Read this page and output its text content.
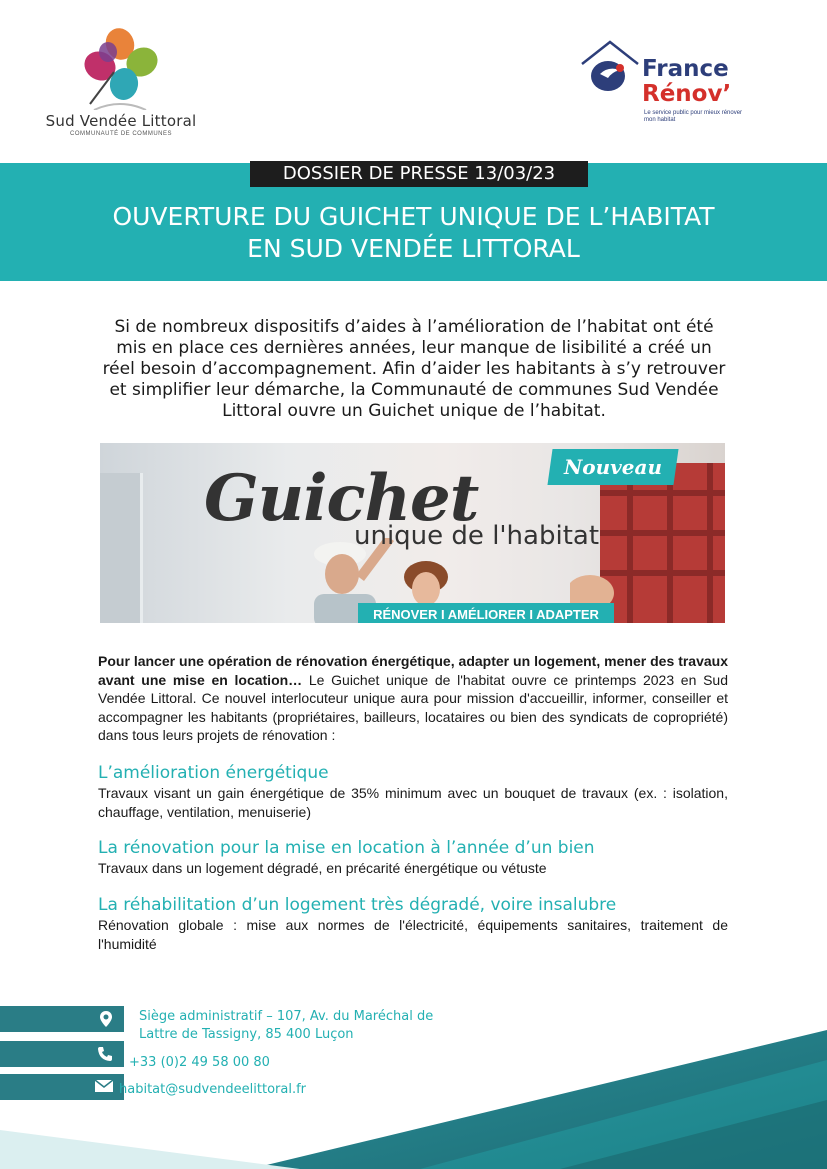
Sud Vendée Littoral
COMMUNAUTÉ DE COMMUNES
France
Rénov’
Le service public pour mieux rénover mon habitat
DOSSIER DE PRESSE 13/03/23
OUVERTURE DU GUICHET UNIQUE DE L’HABITAT
EN SUD VENDÉE LITTORAL
Si de nombreux dispositifs d’aides à l’amélioration de l’habitat ont été mis en place ces dernières années, leur manque de lisibilité a créé un réel besoin d’accompagnement. Afin d’aider les habitants à s’y retrouver et simplifier leur démarche, la Communauté de communes Sud Vendée Littoral ouvre un Guichet unique de l’habitat.
Nouveau
Guichet
unique de l'habitat
RÉNOVER I AMÉLIORER I ADAPTER
Pour lancer une opération de rénovation énergétique, adapter un logement, mener des travaux avant une mise en location… Le Guichet unique de l'habitat ouvre ce printemps 2023 en Sud Vendée Littoral. Ce nouvel interlocuteur unique aura pour mission d'accueillir, informer, conseiller et accompagner les habitants (propriétaires, bailleurs, locataires ou bien des syndicats de copropriété) dans tous leurs projets de rénovation :
L’amélioration énergétique
Travaux visant un gain énergétique de 35% minimum avec un bouquet de travaux (ex. : isolation, chauffage, ventilation, menuiserie)
La rénovation pour la mise en location à l’année d’un bien
Travaux dans un logement dégradé, en précarité énergétique ou vétuste
La réhabilitation d’un logement très dégradé, voire insalubre
Rénovation globale : mise aux normes de l'électricité, équipements sanitaires, traitement de l'humidité
Siège administratif – 107, Av. du Maréchal de
Lattre de Tassigny, 85 400 Luçon
+33 (0)2 49 58 00 80
habitat@sudvendeelittoral.fr
